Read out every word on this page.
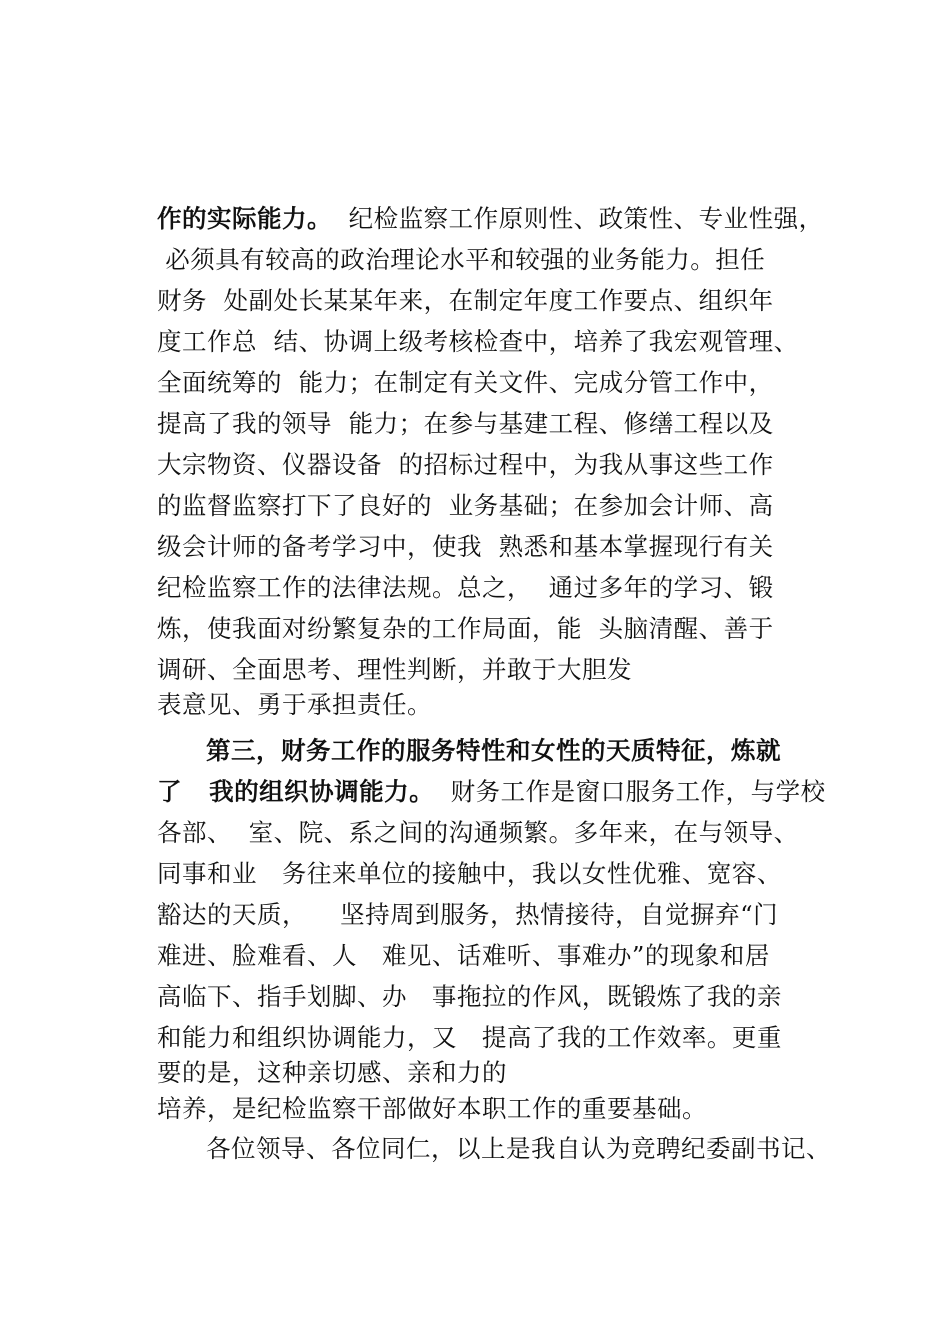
作的实际能力。  纪检监察工作原则性、政策性、专业性强，
必须具有较高的政治理论水平和较强的业务能力。担任
财务  处副处长某某年来，在制定年度工作要点、组织年
度工作总  结、协调上级考核检查中，培养了我宏观管理、
全面统筹的  能力；在制定有关文件、完成分管工作中，
提高了我的领导  能力；在参与基建工程、修缮工程以及
大宗物资、仪器设备  的招标过程中，为我从事这些工作
的监督监察打下了良好的  业务基础；在参加会计师、高
级会计师的备考学习中，使我  熟悉和基本掌握现行有关
纪检监察工作的法律法规。总之，  通过多年的学习、锻
炼，使我面对纷繁复杂的工作局面，能  头脑清醒、善于
调研、全面思考、理性判断，并敢于大胆发
表意见、勇于承担责任。
第三，财务工作的服务特性和女性的天质特征，炼就
了   我的组织协调能力。  财务工作是窗口服务工作，与学校
各部、  室、院、系之间的沟通频繁。多年来，在与领导、
同事和业   务往来单位的接触中，我以女性优雅、宽容、
豁达的天质，    坚持周到服务，热情接待，自觉摒弃“门
难进、脸难看、人   难见、话难听、事难办”的现象和居
高临下、指手划脚、办   事拖拉的作风，既锻炼了我的亲
和能力和组织协调能力，又   提高了我的工作效率。更重
要的是，这种亲切感、亲和力的
培养，是纪检监察干部做好本职工作的重要基础。
各位领导、各位同仁，以上是我自认为竞聘纪委副书记、
